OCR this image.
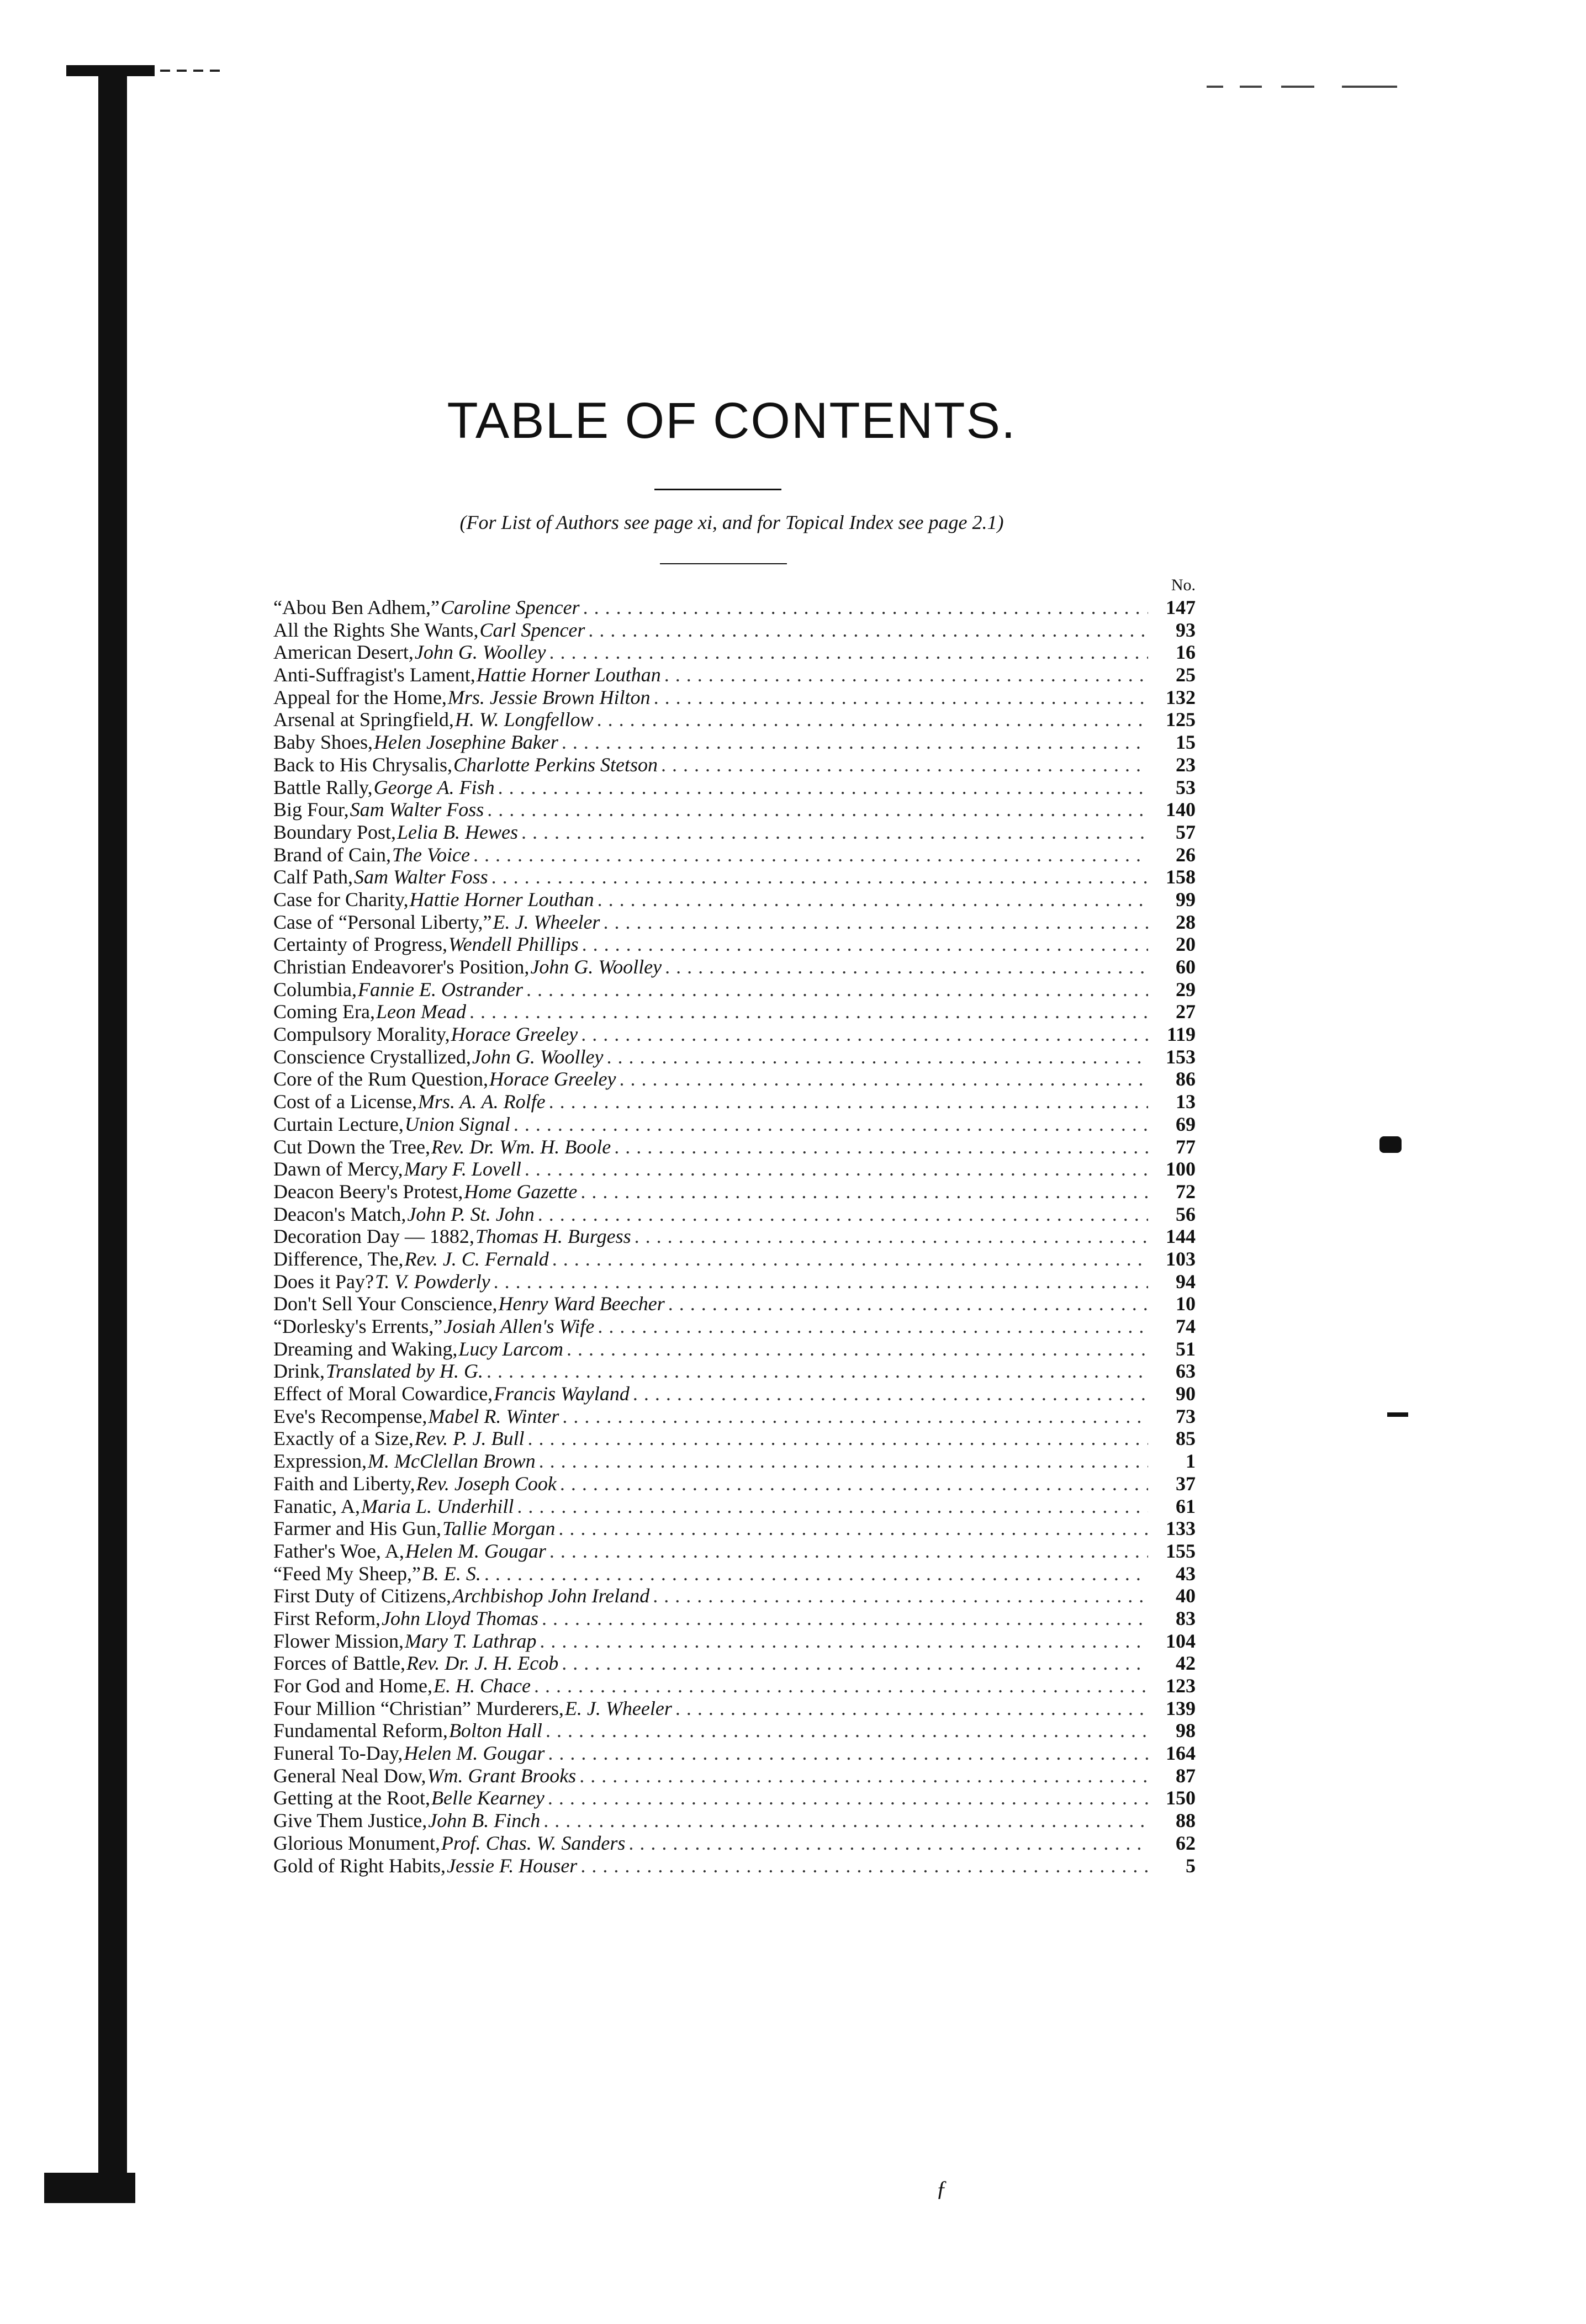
TABLE OF CONTENTS.
(For List of Authors see page xi, and for Topical Index see page 2.1)
No.
“Abou Ben Adhem,” Caroline Spencer . . .	147
All the Rights She Wants, Carl Spencer . . .	93
American Desert, John G. Woolley . . .	16
Anti-Suffragist's Lament, Hattie Horner Louthan . . .	25
Appeal for the Home, Mrs. Jessie Brown Hilton . . .	132
Arsenal at Springfield, H. W. Longfellow . . .	125
Baby Shoes, Helen Josephine Baker . . .	15
Back to His Chrysalis, Charlotte Perkins Stetson . . .	23
Battle Rally, George A. Fish . . .	53
Big Four, Sam Walter Foss . . .	140
Boundary Post, Lelia B. Hewes . . .	57
Brand of Cain, The Voice . . .	26
Calf Path, Sam Walter Foss . . .	158
Case for Charity, Hattie Horner Louthan . . .	99
Case of “Personal Liberty,” E. J. Wheeler . . .	28
Certainty of Progress, Wendell Phillips . . .	20
Christian Endeavorer's Position, John G. Woolley . . .	60
Columbia, Fannie E. Ostrander . . .	29
Coming Era, Leon Mead . . .	27
Compulsory Morality, Horace Greeley . . .	119
Conscience Crystallized, John G. Woolley . . .	153
Core of the Rum Question, Horace Greeley . . .	86
Cost of a License, Mrs. A. A. Rolfe . . .	13
Curtain Lecture, Union Signal . . .	69
Cut Down the Tree, Rev. Dr. Wm. H. Boole . . .	77
Dawn of Mercy, Mary F. Lovell . . .	100
Deacon Beery's Protest, Home Gazette . . .	72
Deacon's Match, John P. St. John . . .	56
Decoration Day — 1882, Thomas H. Burgess . . .	144
Difference, The, Rev. J. C. Fernald . . .	103
Does it Pay? T. V. Powderly . . .	94
Don't Sell Your Conscience, Henry Ward Beecher . . .	10
“Dorlesky's Errents,” Josiah Allen's Wife . . .	74
Dreaming and Waking, Lucy Larcom . . .	51
Drink, Translated by H. G. . . .	63
Effect of Moral Cowardice, Francis Wayland . . .	90
Eve's Recompense, Mabel R. Winter . . .	73
Exactly of a Size, Rev. P. J. Bull . . .	85
Expression, M. McClellan Brown . . .	1
Faith and Liberty, Rev. Joseph Cook . . .	37
Fanatic, A, Maria L. Underhill . . .	61
Farmer and His Gun, Tallie Morgan . . .	133
Father's Woe, A, Helen M. Gougar . . .	155
“Feed My Sheep,” B. E. S. . . .	43
First Duty of Citizens, Archbishop John Ireland . . .	40
First Reform, John Lloyd Thomas . . .	83
Flower Mission, Mary T. Lathrap . . .	104
Forces of Battle, Rev. Dr. J. H. Ecob . . .	42
For God and Home, E. H. Chace . . .	123
Four Million “Christian” Murderers, E. J. Wheeler . . .	139
Fundamental Reform, Bolton Hall . . .	98
Funeral To-Day, Helen M. Gougar . . .	164
General Neal Dow, Wm. Grant Brooks . . .	87
Getting at the Root, Belle Kearney . . .	150
Give Them Justice, John B. Finch . . .	88
Glorious Monument, Prof. Chas. W. Sanders . . .	62
Gold of Right Habits, Jessie F. Houser . . .	5
ƒ
